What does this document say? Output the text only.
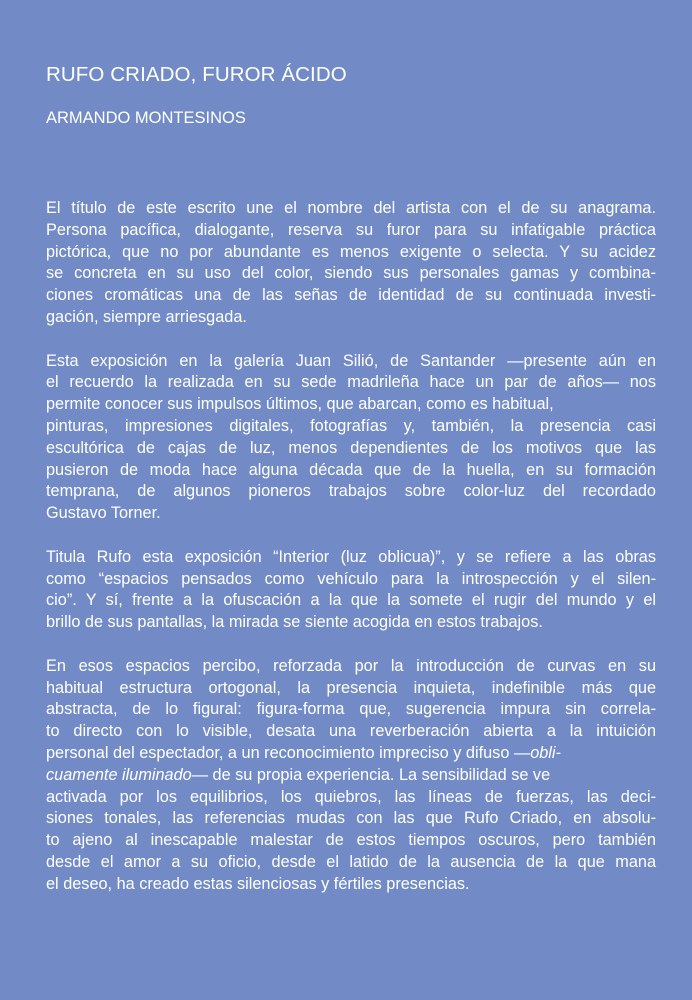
RUFO CRIADO, FUROR ÁCIDO
ARMANDO MONTESINOS

El título de este escrito une el nombre del artista con el de su anagrama.
Persona pacífica, dialogante, reserva su furor para su infatigable práctica
pictórica, que no por abundante es menos exigente o selecta. Y su acidez
se concreta en su uso del color, siendo sus personales gamas y combina-
ciones cromáticas una de las señas de identidad de su continuada investi-
gación, siempre arriesgada.

Esta exposición en la galería Juan Silió, de Santander —presente aún en
el recuerdo la realizada en su sede madrileña hace un par de años— nos
permite conocer sus impulsos últimos, que abarcan, como es habitual,
pinturas, impresiones digitales, fotografías y, también, la presencia casi
escultórica de cajas de luz, menos dependientes de los motivos que las
pusieron de moda hace alguna década que de la huella, en su formación
temprana, de algunos pioneros trabajos sobre color-luz del recordado
Gustavo Torner.

Titula Rufo esta exposición “Interior (luz oblicua)”, y se refiere a las obras
como “espacios pensados como vehículo para la introspección y el silen-
cio”. Y sí, frente a la ofuscación a la que la somete el rugir del mundo y el
brillo de sus pantallas, la mirada se siente acogida en estos trabajos.

En esos espacios percibo, reforzada por la introducción de curvas en su
habitual estructura ortogonal, la presencia inquieta, indefinible más que
abstracta, de lo figural: figura-forma que, sugerencia impura sin correla-
to directo con lo visible, desata una reverberación abierta a la intuición
personal del espectador, a un reconocimiento impreciso y difuso —obli-
cuamente iluminado— de su propia experiencia. La sensibilidad se ve
activada por los equilibrios, los quiebros, las líneas de fuerzas, las deci-
siones tonales, las referencias mudas con las que Rufo Criado, en absolu-
to ajeno al inescapable malestar de estos tiempos oscuros, pero también
desde el amor a su oficio, desde el latido de la ausencia de la que mana
el deseo, ha creado estas silenciosas y fértiles presencias.
